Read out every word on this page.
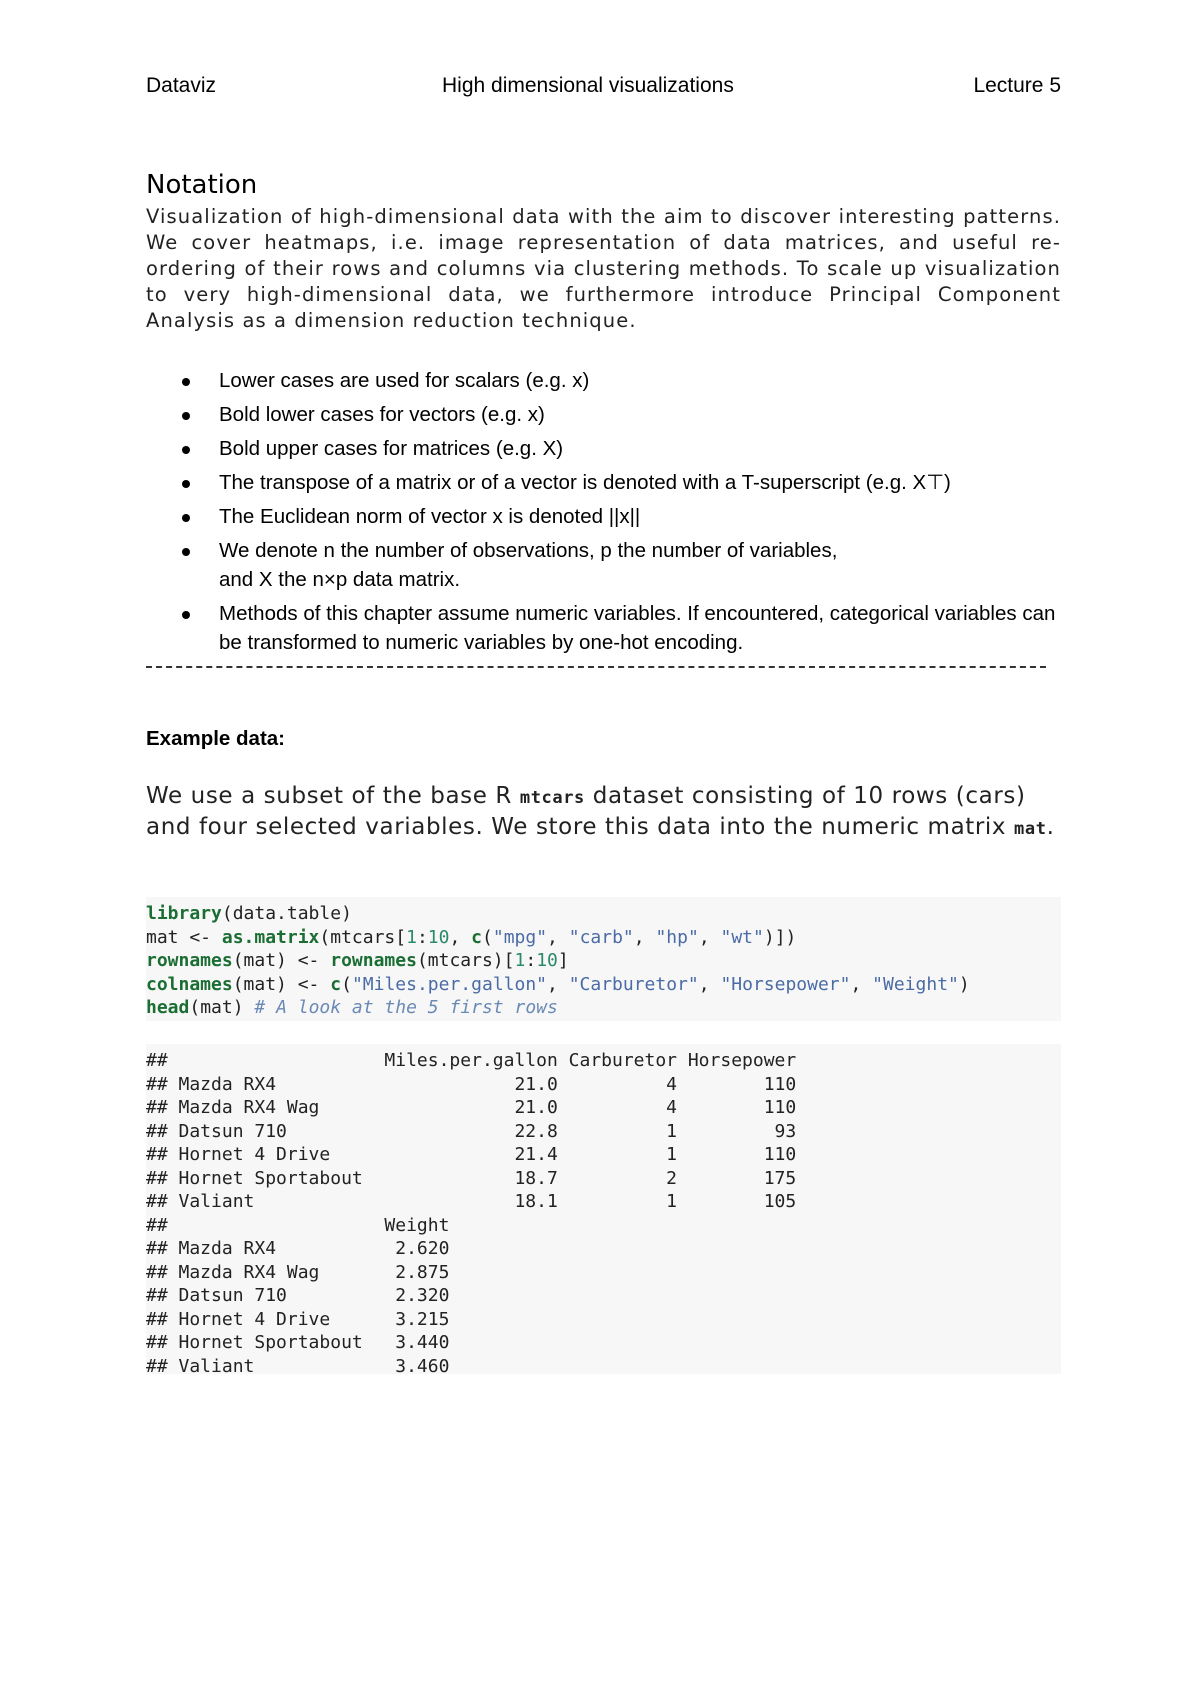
Dataviz	High dimensional visualizations	Lecture 5
Notation

Visualization of high-dimensional data with the aim to discover interesting patterns. We cover heatmaps, i.e. image representation of data matrices, and useful re-ordering of their rows and columns via clustering methods. To scale up visualization to very high-dimensional data, we furthermore introduce Principal Component Analysis as a dimension reduction technique.

Lower cases are used for scalars (e.g. x)
Bold lower cases for vectors (e.g. x)
Bold upper cases for matrices (e.g. X)
The transpose of a matrix or of a vector is denoted with a T-superscript (e.g. X⊤)
The Euclidean norm of vector x is denoted ||x||
We denote n the number of observations, p the number of variables,
and X the n×p data matrix.
Methods of this chapter assume numeric variables. If encountered, categorical variables can be transformed to numeric variables by one-hot encoding.

Example data:

We use a subset of the base R mtcars dataset consisting of 10 rows (cars) and four selected variables. We store this data into the numeric matrix mat.

library(data.table)
mat <- as.matrix(mtcars[1:10, c("mpg", "carb", "hp", "wt")])
rownames(mat) <- rownames(mtcars)[1:10]
colnames(mat) <- c("Miles.per.gallon", "Carburetor", "Horsepower", "Weight")
head(mat) # A look at the 5 first rows
##                    Miles.per.gallon Carburetor Horsepower
## Mazda RX4                      21.0          4        110
## Mazda RX4 Wag                  21.0          4        110
## Datsun 710                     22.8          1         93
## Hornet 4 Drive                 21.4          1        110
## Hornet Sportabout              18.7          2        175
## Valiant                        18.1          1        105
##                    Weight
## Mazda RX4           2.620
## Mazda RX4 Wag       2.875
## Datsun 710          2.320
## Hornet 4 Drive      3.215
## Hornet Sportabout   3.440
## Valiant             3.460
